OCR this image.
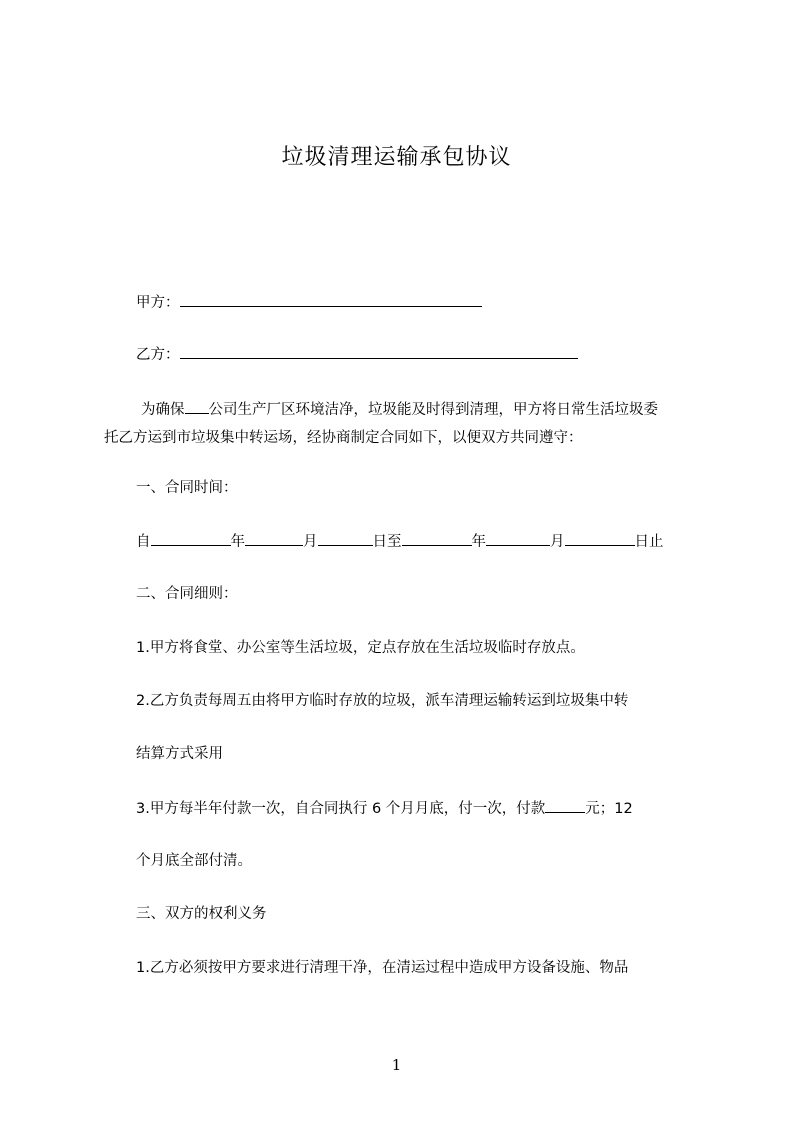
垃圾清理运输承包协议
甲方：
乙方：
为确保 公司生产厂区环境洁净，垃圾能及时得到清理，甲方将日常生活垃圾委
托乙方运到市垃圾集中转运场，经协商制定合同如下，以便双方共同遵守：
一、合同时间：
自	年	月	日至	年	月	日止
二、合同细则：
1.甲方将食堂、办公室等生活垃圾，定点存放在生活垃圾临时存放点。
2.乙方负责每周五由将甲方临时存放的垃圾，派车清理运输转运到垃圾集中转
结算方式采用
3.甲方每半年付款一次，自合同执行 6 个月月底，付一次，付款	元；12
个月底全部付清。
三、双方的权利义务
1.乙方必须按甲方要求进行清理干净，在清运过程中造成甲方设备设施、物品
1
